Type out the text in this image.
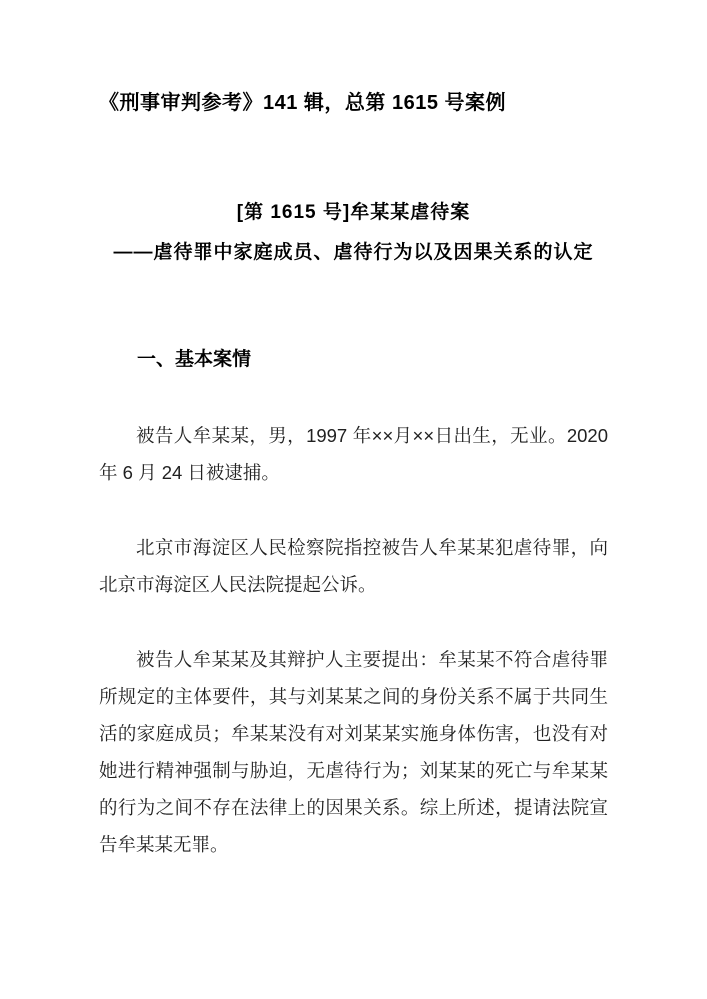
《刑事审判参考》141 辑，总第 1615 号案例
[第 1615 号]牟某某虐待案
——虐待罪中家庭成员、虐待行为以及因果关系的认定
一、基本案情

被告人牟某某，男，1997 年××月××日出生，无业。2020 年 6 月 24 日被逮捕。

北京市海淀区人民检察院指控被告人牟某某犯虐待罪，向北京市海淀区人民法院提起公诉。

被告人牟某某及其辩护人主要提出：牟某某不符合虐待罪所规定的主体要件，其与刘某某之间的身份关系不属于共同生活的家庭成员；牟某某没有对刘某某实施身体伤害，也没有对她进行精神强制与胁迫，无虐待行为；刘某某的死亡与牟某某的行为之间不存在法律上的因果关系。综上所述，提请法院宣告牟某某无罪。
